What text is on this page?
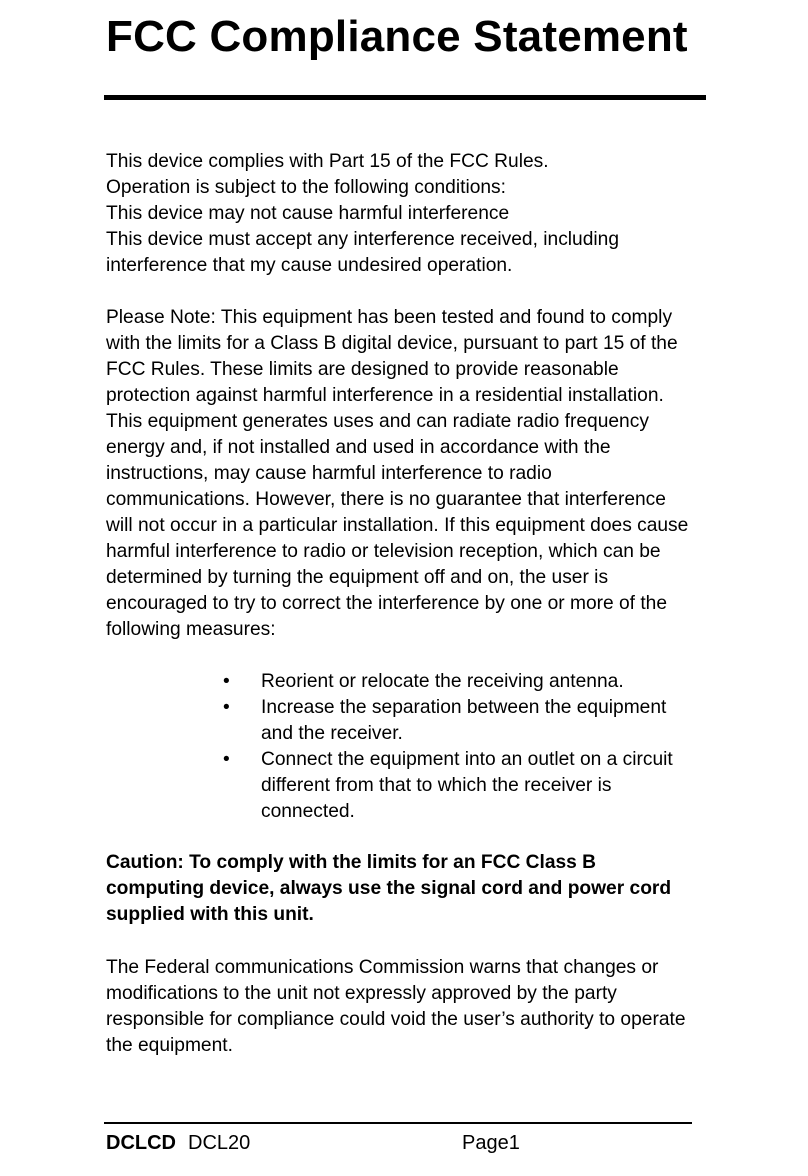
FCC Compliance Statement

This device complies with Part 15 of the FCC Rules.
Operation is subject to the following conditions:
This device may not cause harmful interference
This device must accept any interference received, including
interference that my cause undesired operation.

Please Note: This equipment has been tested and found to comply
with the limits for a Class B digital device, pursuant to part 15 of the
FCC Rules. These limits are designed to provide reasonable
protection against harmful interference in a residential installation.
This equipment generates uses and can radiate radio frequency
energy and, if not installed and used in accordance with the
instructions, may cause harmful interference to radio
communications. However, there is no guarantee that interference
will not occur in a particular installation. If this equipment does cause
harmful interference to radio or television reception, which can be
determined by turning the equipment off and on, the user is
encouraged to try to correct the interference by one or more of the
following measures:

• Reorient or relocate the receiving antenna.
• Increase the separation between the equipment
and the receiver.
• Connect the equipment into an outlet on a circuit
different from that to which the receiver is
connected.

Caution: To comply with the limits for an FCC Class B
computing device, always use the signal cord and power cord
supplied with this unit.

The Federal communications Commission warns that changes or
modifications to the unit not expressly approved by the party
responsible for compliance could void the user’s authority to operate
the equipment.

DCLCD DCL20	Page1
